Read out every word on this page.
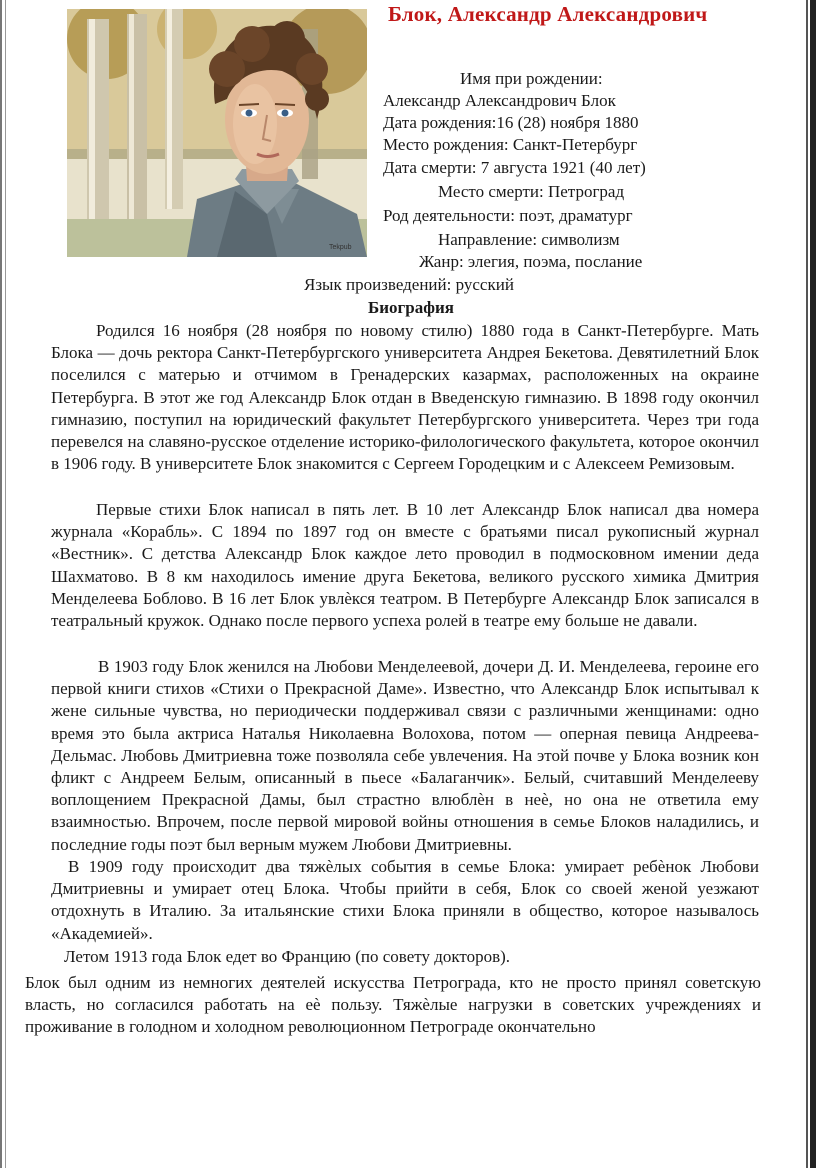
Tekpub
Блок, Александр Александрович
Имя при рождении:
Александр Александрович Блок
Дата рождения:16 (28) ноября 1880
Место рождения: Санкт-Петербург
Дата смерти: 7 августа 1921 (40 лет)
Место смерти: Петроград
Род деятельности: поэт, драматург
Направление: символизм
Жанр: элегия, поэма, послание
Язык произведений: русский
Биография

Родился 16 ноября (28 ноября по новому стилю) 1880 года в Санкт-Петербурге. Мать Блока — дочь ректора Санкт-Петербургского университета Андрея Бекетова. Девятилетний Блок поселился с матерью и отчимом в Гренадерских казармах, расположенных на окраине Петербурга. В этот же год Александр Блок отдан в Введенскую гимназию. В 1898 году окончил гимназию, поступил на юридический факультет Петербургского университета. Через три года перевелся на славяно-русское отделение историко-филологического факультета, которое окончил в 1906 году. В университете Блок знакомится с Сергеем Городецким и с Алексеем Ремизовым.

Первые стихи Блок написал в пять лет. В 10 лет Александр Блок написал два номера журнала «Корабль». С 1894 по 1897 год он вместе с братьями писал рукописный журнал «Вестник». С детства Александр Блок каждое лето проводил в подмосковном имении деда Шахматово. В 8 км находилось имение друга Бекетова, великого русского химика Дмитрия Менделеева Боблово. В 16 лет Блок увлѐкся театром. В Петербурге Александр Блок записался в театральный кружок. Однако после первого успеха ролей в театре ему больше не давали.

В 1903 году Блок женился на Любови Менделеевой, дочери Д. И. Менделеева, героине его первой книги стихов «Стихи о Прекрасной Даме». Известно, что Александр Блок испытывал к жене сильные чувства, но периодически поддерживал связи с различными женщинами: одно время это была актриса Наталья Николаевна Волохова, потом — оперная певица Андреева-Дельмас. Любовь Дмитриевна тоже позволяла себе увлечения. На этой почве у Блока возник кон фликт с Андреем Белым, описанный в пьесе «Балаганчик». Белый, считавший Менделееву воплощением Прекрасной Дамы, был страстно влюблѐн в неѐ, но она не ответила ему взаимностью. Впрочем, после первой мировой войны отношения в семье Блоков наладились, и последние годы поэт был верным мужем Любови Дмитриевны.

В 1909 году происходит два тяжѐлых события в семье Блока: умирает ребѐнок Любови Дмитриевны и умирает отец Блока. Чтобы прийти в себя, Блок со своей женой уезжают отдохнуть в Италию. За итальянские стихи Блока приняли в общество, которое называлось «Академией».

Летом 1913 года Блок едет во Францию (по совету докторов).

Блок был одним из немногих деятелей искусства Петрограда, кто не просто принял советскую власть, но согласился работать на еѐ пользу. Тяжѐлые нагрузки в советских учреждениях и проживание в голодном и холодном революционном Петрограде окончательно
